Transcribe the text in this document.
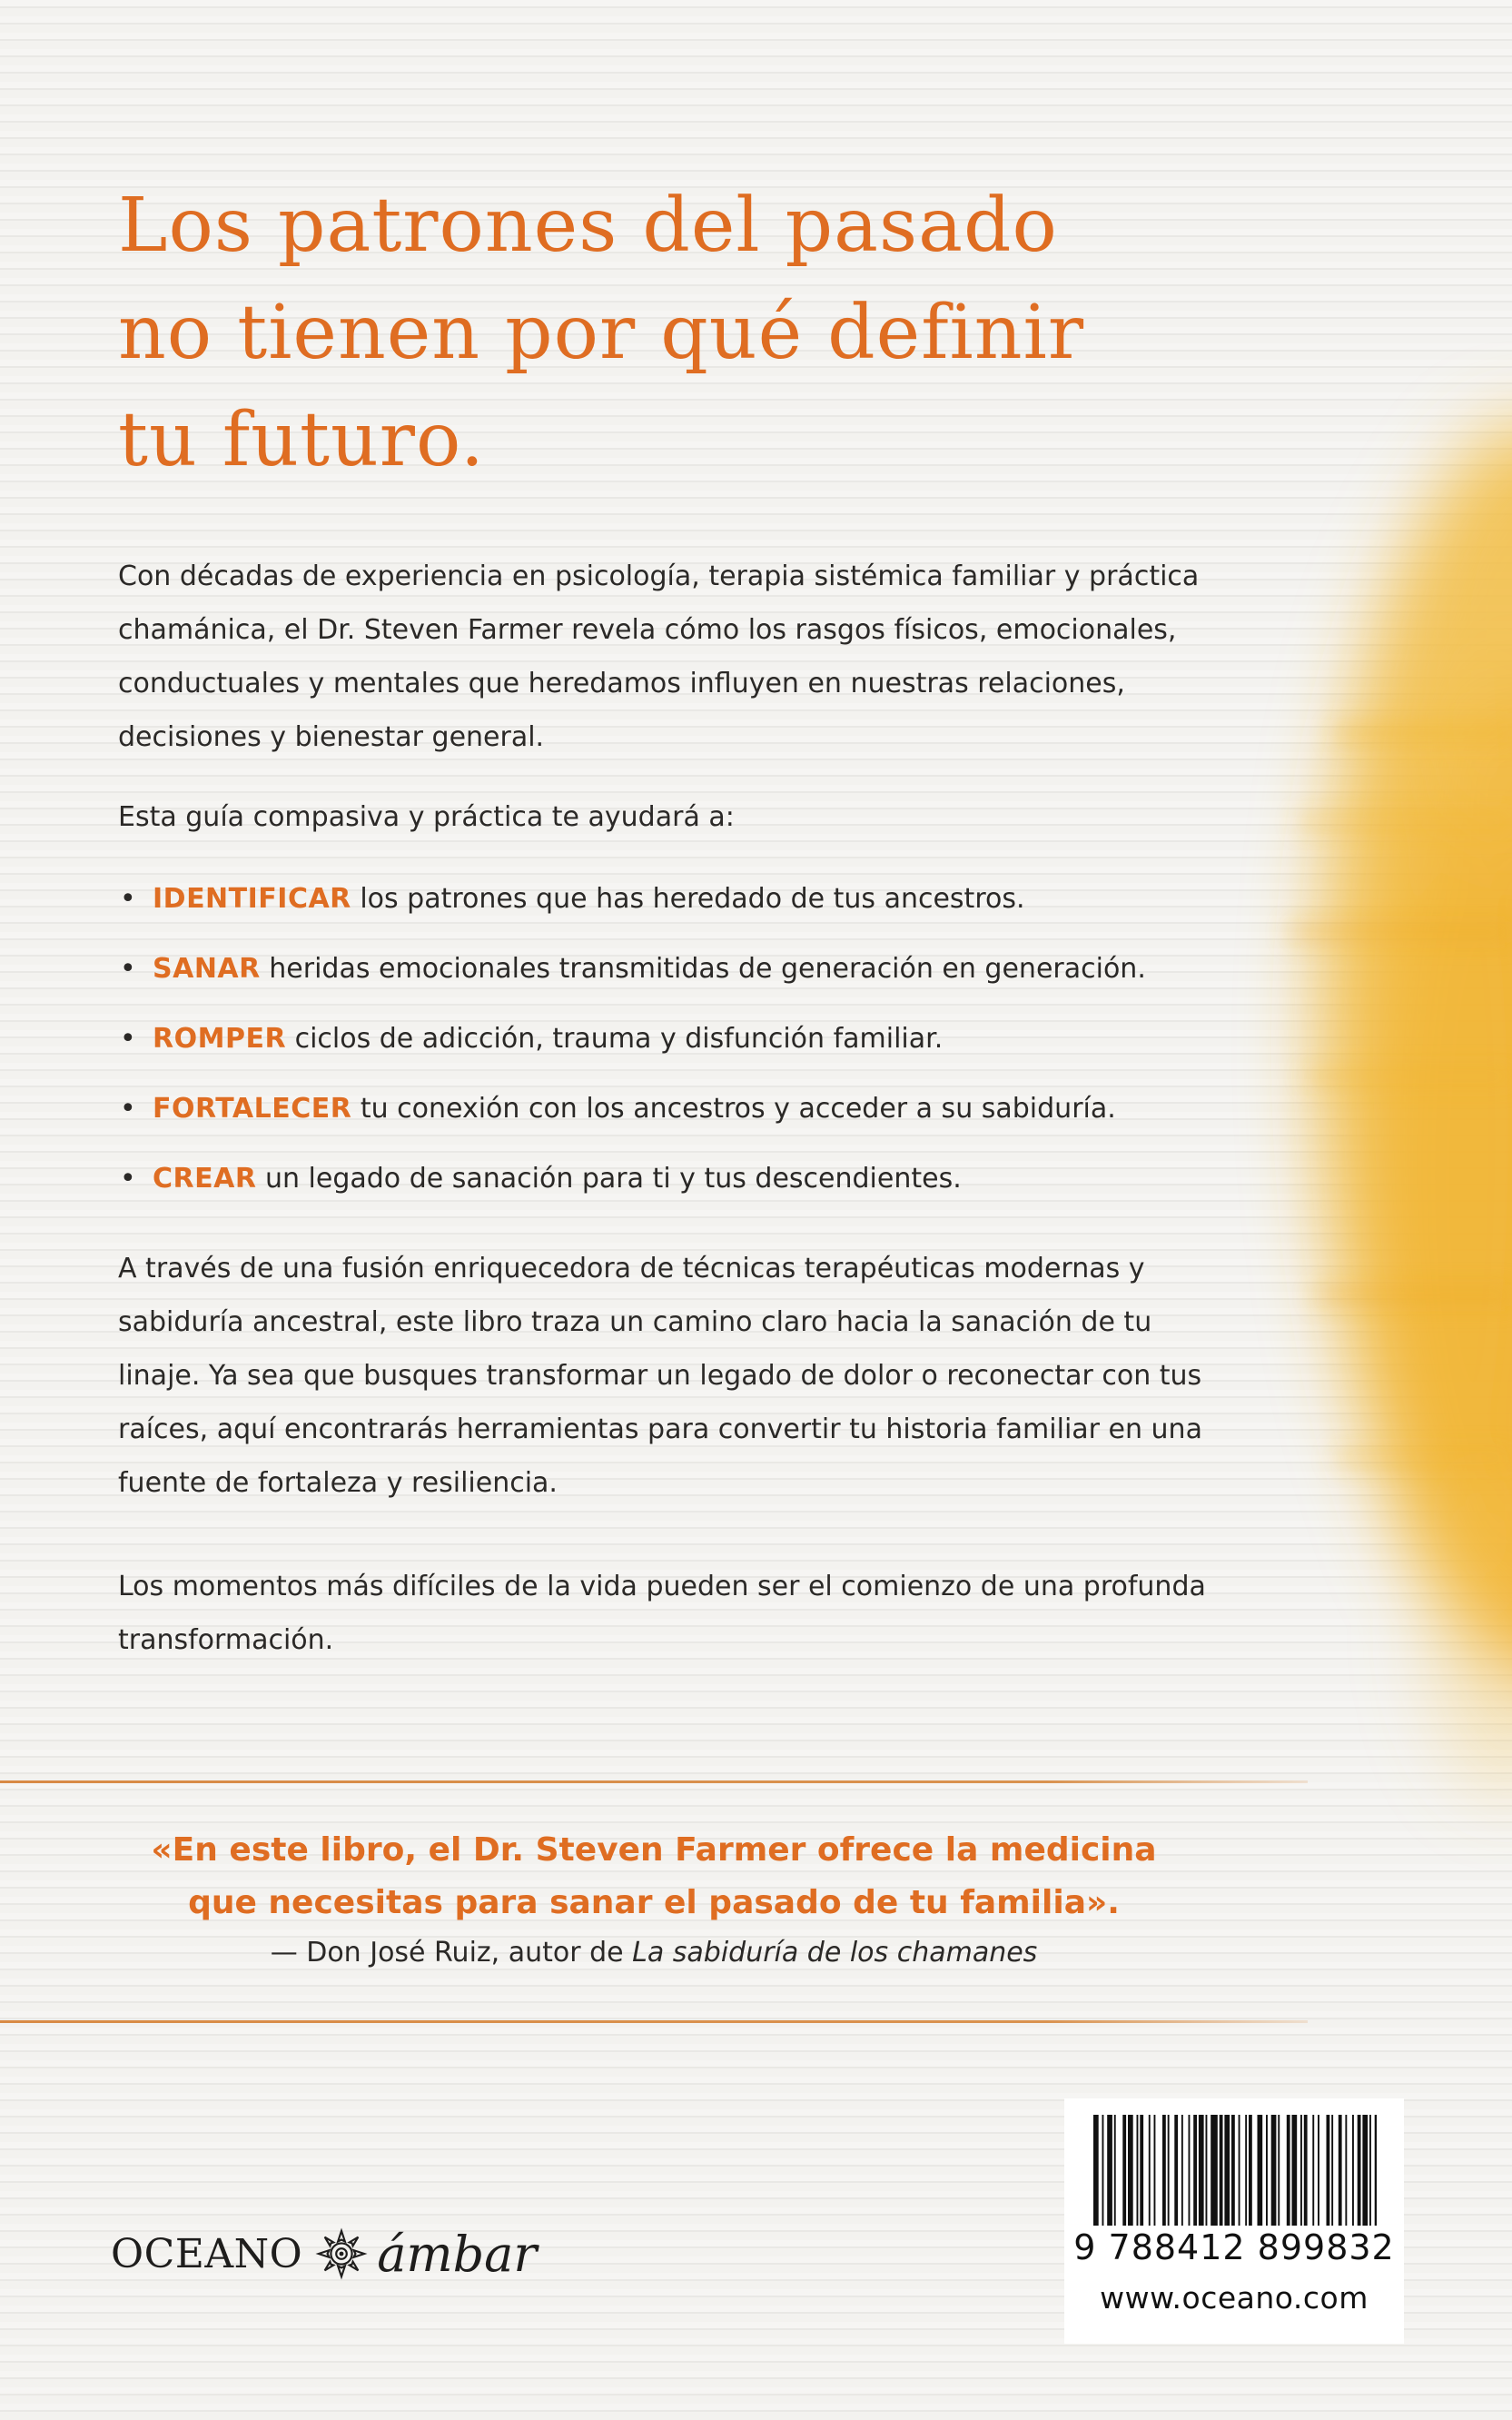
Los patrones del pasado
no tienen por qué definir
tu futuro.

Con décadas de experiencia en psicología, terapia sistémica familiar y práctica
chamánica, el Dr. Steven Farmer revela cómo los rasgos físicos, emocionales,
conductuales y mentales que heredamos influyen en nuestras relaciones,
decisiones y bienestar general.

Esta guía compasiva y práctica te ayudará a:

• IDENTIFICAR los patrones que has heredado de tus ancestros.
• SANAR heridas emocionales transmitidas de generación en generación.
• ROMPER ciclos de adicción, trauma y disfunción familiar.
• FORTALECER tu conexión con los ancestros y acceder a su sabiduría.
• CREAR un legado de sanación para ti y tus descendientes.

A través de una fusión enriquecedora de técnicas terapéuticas modernas y
sabiduría ancestral, este libro traza un camino claro hacia la sanación de tu
linaje. Ya sea que busques transformar un legado de dolor o reconectar con tus
raíces, aquí encontrarás herramientas para convertir tu historia familiar en una
fuente de fortaleza y resiliencia.

Los momentos más difíciles de la vida pueden ser el comienzo de una profunda
transformación.

«En este libro, el Dr. Steven Farmer ofrece la medicina
que necesitas para sanar el pasado de tu familia».
— Don José Ruiz, autor de La sabiduría de los chamanes
OCEANO ámbar	9 788412 899832
www.oceano.com
